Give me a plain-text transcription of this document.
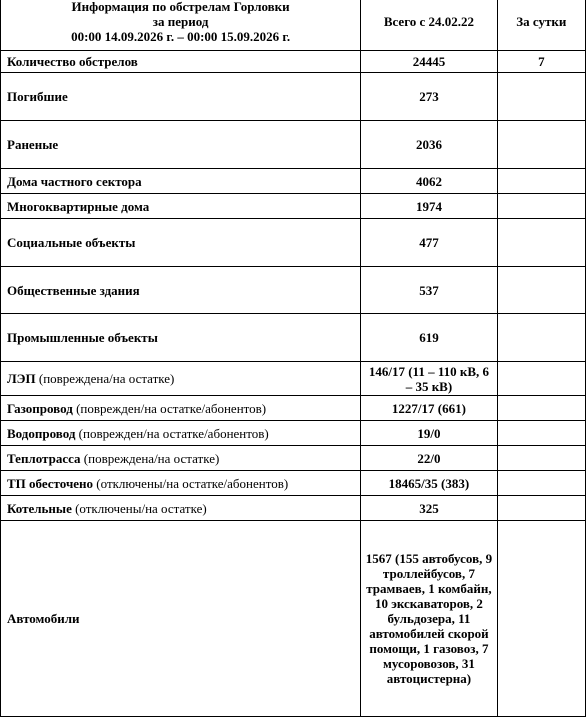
Информация по обстрелам Горловки
за период
00:00 14.09.2026 г. – 00:00 15.09.2026 г.	Всего с 24.02.22	За сутки
Количество обстрелов	24445	7
Погибшие	273	
Раненые	2036	
Дома частного сектора	4062	
Многоквартирные дома	1974	
Социальные объекты	477	
Общественные здания	537	
Промышленные объекты	619	
ЛЭП (повреждена/на остатке)	146/17 (11 – 110 кВ, 6 – 35 кВ)	
Газопровод (поврежден/на остатке/абонентов)	1227/17 (661)	
Водопровод (поврежден/на остатке/абонентов)	19/0	
Теплотрасса (повреждена/на остатке)	22/0	
ТП обесточено (отключены/на остатке/абонентов)	18465/35 (383)	
Котельные (отключены/на остатке)	325	
Автомобили	1567 (155 автобусов, 9 троллейбусов, 7 трамваев, 1 комбайн, 10 экскаваторов, 2 бульдозера, 11 автомобилей скорой помощи, 1 газовоз, 7 мусоровозов, 31 автоцистерна)	
